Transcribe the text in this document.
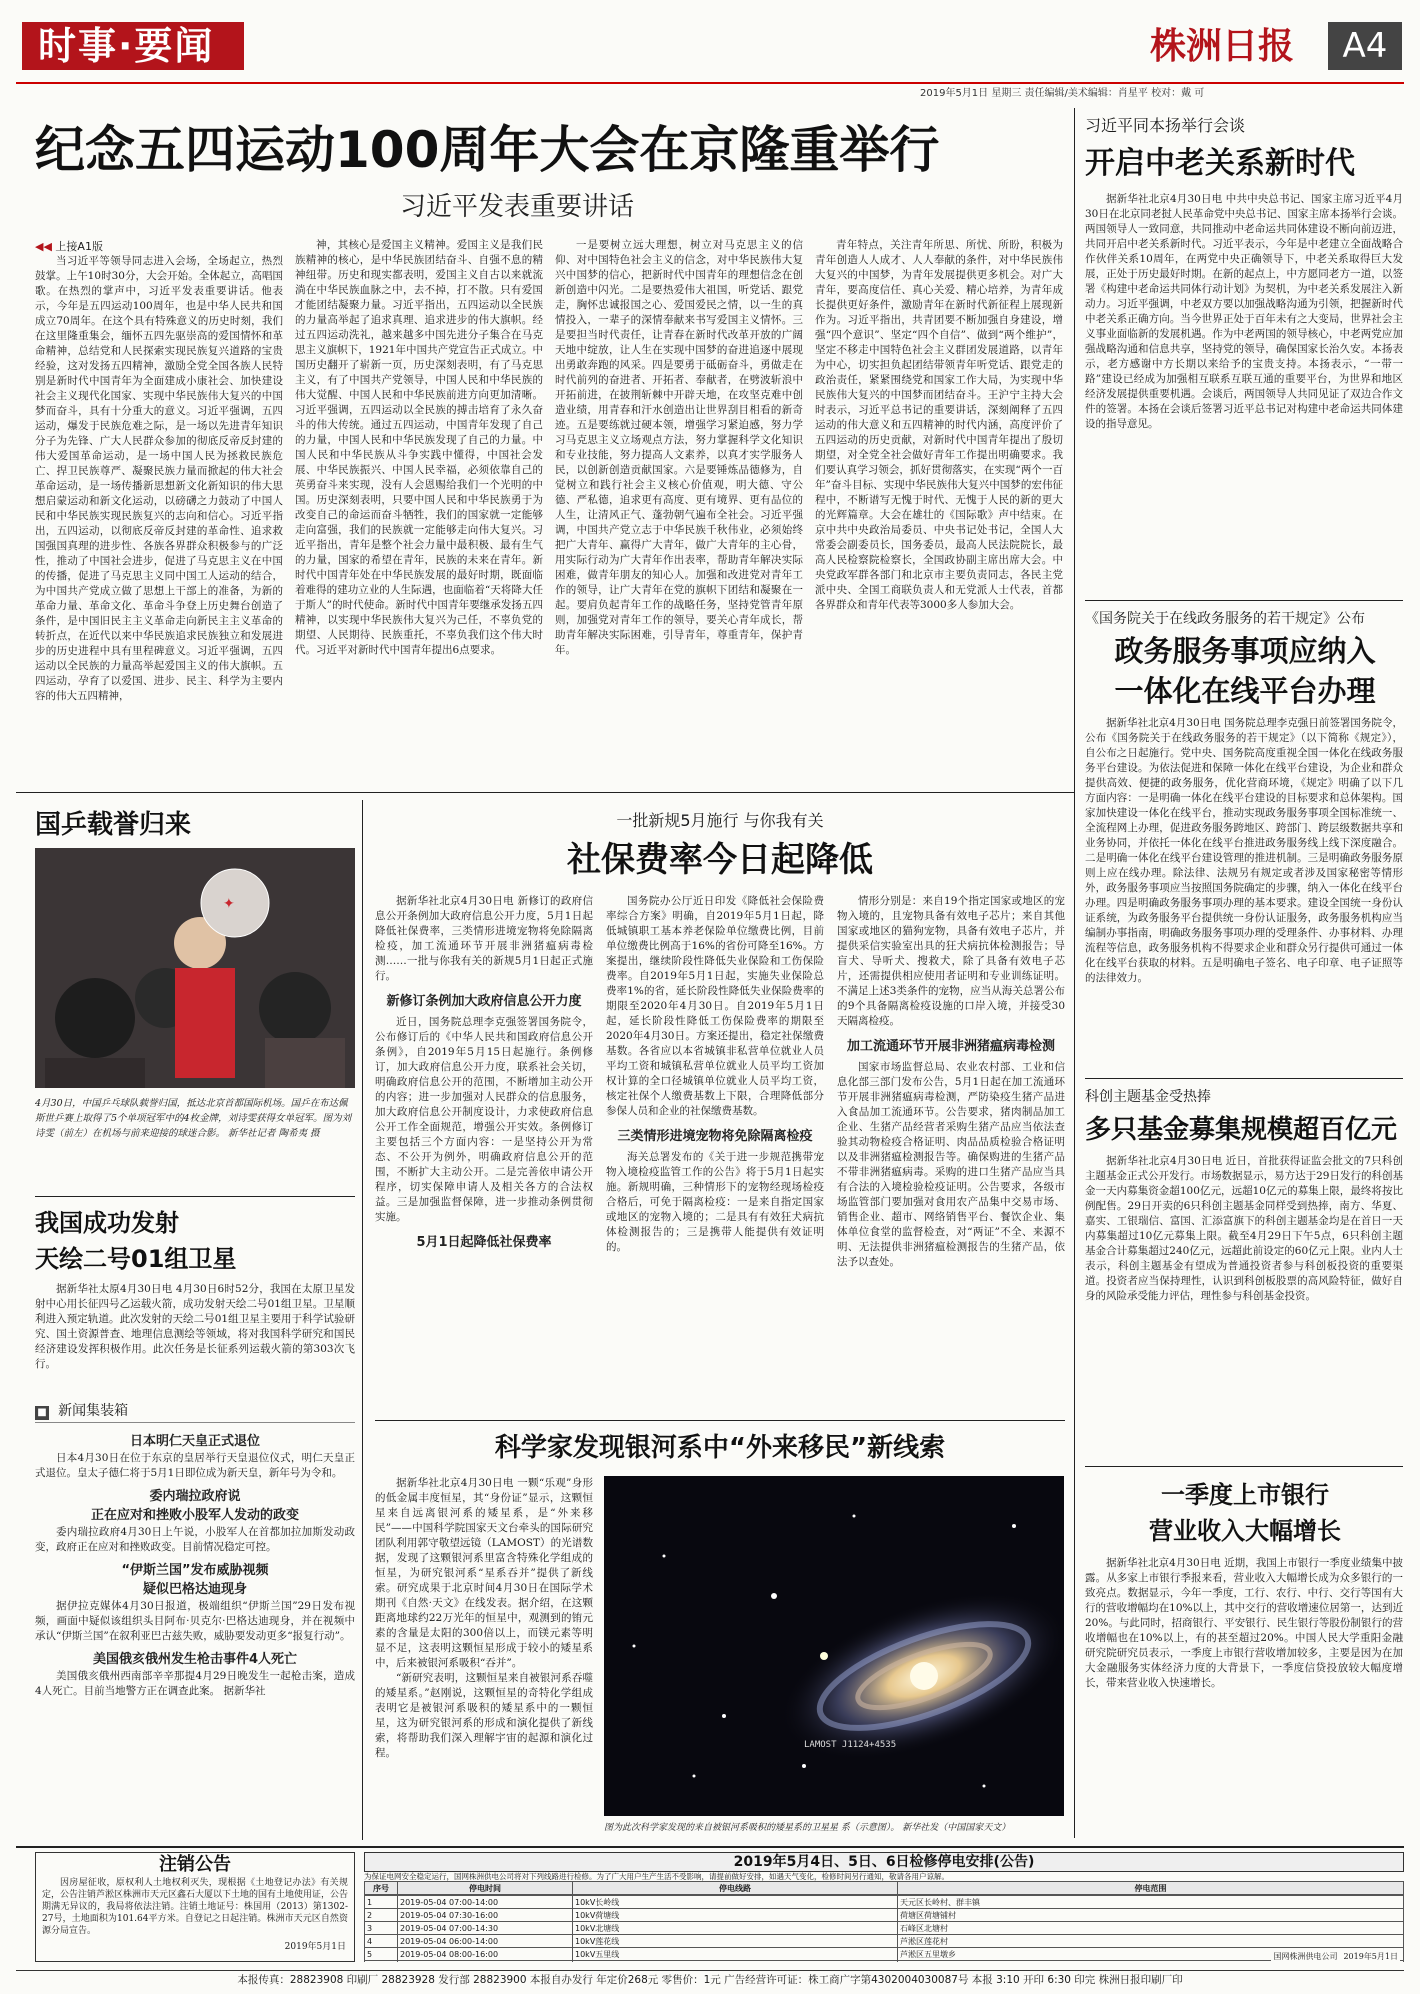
时事·要闻	株洲日报	A4
2019年5月1日 星期三 责任编辑/美术编辑：肖星平 校对：戴 可
纪念五四运动100周年大会在京隆重举行
习近平发表重要讲话
◀◀ 上接A1版
当习近平等领导同志进入会场，全场起立，热烈鼓掌。上午10时30分，大会开始。全体起立，高唱国歌。在热烈的掌声中，习近平发表重要讲话。他表示，今年是五四运动100周年，也是中华人民共和国成立70周年。在这个具有特殊意义的历史时刻，我们在这里隆重集会，缅怀五四先驱崇高的爱国情怀和革命精神，总结党和人民探索实现民族复兴道路的宝贵经验，这对发扬五四精神，激励全党全国各族人民特别是新时代中国青年为全面建成小康社会、加快建设社会主义现代化国家、实现中华民族伟大复兴的中国梦而奋斗，具有十分重大的意义。习近平强调，五四运动，爆发于民族危难之际，是一场以先进青年知识分子为先锋、广大人民群众参加的彻底反帝反封建的伟大爱国革命运动，是一场中国人民为拯救民族危亡、捍卫民族尊严、凝聚民族力量而掀起的伟大社会革命运动，是一场传播新思想新文化新知识的伟大思想启蒙运动和新文化运动，以磅礴之力鼓动了中国人民和中华民族实现民族复兴的志向和信心。习近平指出，五四运动，以彻底反帝反封建的革命性、追求救国强国真理的进步性、各族各界群众积极参与的广泛性，推动了中国社会进步，促进了马克思主义在中国的传播，促进了马克思主义同中国工人运动的结合，为中国共产党成立做了思想上干部上的准备，为新的革命力量、革命文化、革命斗争登上历史舞台创造了条件，是中国旧民主主义革命走向新民主主义革命的转折点，在近代以来中华民族追求民族独立和发展进步的历史进程中具有里程碑意义。习近平强调，五四运动以全民族的力量高举起爱国主义的伟大旗帜。五四运动，孕育了以爱国、进步、民主、科学为主要内容的伟大五四精神，
神，其核心是爱国主义精神。爱国主义是我们民族精神的核心，是中华民族团结奋斗、自强不息的精神纽带。历史和现实都表明，爱国主义自古以来就流淌在中华民族血脉之中，去不掉，打不散。只有爱国才能团结凝聚力量。习近平指出，五四运动以全民族的力量高举起了追求真理、追求进步的伟大旗帜。经过五四运动洗礼，越来越多中国先进分子集合在马克思主义旗帜下，1921年中国共产党宣告正式成立。中国历史翻开了崭新一页，历史深刻表明，有了马克思主义，有了中国共产党领导，中国人民和中华民族的伟大觉醒、中国人民和中华民族前进方向更加清晰。习近平强调，五四运动以全民族的搏击培育了永久奋斗的伟大传统。通过五四运动，中国青年发现了自己的力量，中国人民和中华民族发现了自己的力量。中国人民和中华民族从斗争实践中懂得，中国社会发展、中华民族振兴、中国人民幸福，必须依靠自己的英勇奋斗来实现，没有人会恩赐给我们一个光明的中国。历史深刻表明，只要中国人民和中华民族勇于为改变自己的命运而奋斗牺牲，我们的国家就一定能够走向富强，我们的民族就一定能够走向伟大复兴。习近平指出，青年是整个社会力量中最积极、最有生气的力量，国家的希望在青年，民族的未来在青年。新时代中国青年处在中华民族发展的最好时期，既面临着难得的建功立业的人生际遇，也面临着“天将降大任于斯人”的时代使命。新时代中国青年要继承发扬五四精神，以实现中华民族伟大复兴为己任，不辜负党的期望、人民期待、民族重托，不辜负我们这个伟大时代。习近平对新时代中国青年提出6点要求。
一是要树立远大理想，树立对马克思主义的信仰、对中国特色社会主义的信念，对中华民族伟大复兴中国梦的信心，把新时代中国青年的理想信念在创新创造中闪光。二是要热爱伟大祖国，听党话、跟党走，胸怀忠诚报国之心、爱国爱民之情，以一生的真情投入，一辈子的深情奉献来书写爱国主义情怀。三是要担当时代责任，让青春在新时代改革开放的广阔天地中绽放，让人生在实现中国梦的奋进追逐中展现出勇敢奔跑的风采。四是要勇于砥砺奋斗，勇做走在时代前列的奋进者、开拓者、奉献者，在劈波斩浪中开拓前进，在披荆斩棘中开辟天地，在攻坚克难中创造业绩，用青春和汗水创造出让世界刮目相看的新奇迹。五是要练就过硬本领，增强学习紧迫感，努力学习马克思主义立场观点方法，努力掌握科学文化知识和专业技能，努力提高人文素养，以真才实学服务人民，以创新创造贡献国家。六是要锤炼品德修为，自觉树立和践行社会主义核心价值观，明大德、守公德、严私德，追求更有高度、更有境界、更有品位的人生，让清风正气、蓬勃朝气遍布全社会。习近平强调，中国共产党立志于中华民族千秋伟业，必须始终把广大青年、赢得广大青年，做广大青年的主心骨，用实际行动为广大青年作出表率，帮助青年解决实际困难，做青年朋友的知心人。加强和改进党对青年工作的领导，让广大青年在党的旗帜下团结和凝聚在一起。要肩负起青年工作的战略任务，坚持党管青年原则，加强党对青年工作的领导，要关心青年成长，帮助青年解决实际困难，引导青年，尊重青年，保护青年。
青年特点，关注青年所思、所忧、所盼，积极为青年创造人人成才、人人奉献的条件，对中华民族伟大复兴的中国梦，为青年发展提供更多机会。对广大青年，要高度信任、真心关爱、精心培养，为青年成长提供更好条件，激励青年在新时代新征程上展现新作为。习近平指出，共青团要不断加强自身建设，增强“四个意识”、坚定“四个自信”、做到“两个维护”，坚定不移走中国特色社会主义群团发展道路，以青年为中心，切实担负起团结带领青年听党话、跟党走的政治责任，紧紧围绕党和国家工作大局，为实现中华民族伟大复兴的中国梦而团结奋斗。王沪宁主持大会时表示，习近平总书记的重要讲话，深刻阐释了五四运动的伟大意义和五四精神的时代内涵，高度评价了五四运动的历史贡献，对新时代中国青年提出了殷切期望，对全党全社会做好青年工作提出明确要求。我们要认真学习领会，抓好贯彻落实，在实现“两个一百年”奋斗目标、实现中华民族伟大复兴中国梦的宏伟征程中，不断谱写无愧于时代、无愧于人民的新的更大的光辉篇章。大会在雄壮的《国际歌》声中结束。在京中共中央政治局委员、中央书记处书记，全国人大常委会副委员长，国务委员，最高人民法院院长，最高人民检察院检察长，全国政协副主席出席大会。中央党政军群各部门和北京市主要负责同志，各民主党派中央、全国工商联负责人和无党派人士代表，首都各界群众和青年代表等3000多人参加大会。
习近平同本扬举行会谈
开启中老关系新时代
据新华社北京4月30日电 中共中央总书记、国家主席习近平4月30日在北京同老挝人民革命党中央总书记、国家主席本扬举行会谈。两国领导人一致同意，共同推动中老命运共同体建设不断向前迈进，共同开启中老关系新时代。习近平表示，今年是中老建立全面战略合作伙伴关系10周年，在两党中央正确领导下，中老关系取得巨大发展，正处于历史最好时期。在新的起点上，中方愿同老方一道，以签署《构建中老命运共同体行动计划》为契机，为中老关系发展注入新动力。习近平强调，中老双方要以加强战略沟通为引领，把握新时代中老关系正确方向。当今世界正处于百年未有之大变局，世界社会主义事业面临新的发展机遇。作为中老两国的领导核心，中老两党应加强战略沟通和信息共享，坚持党的领导，确保国家长治久安。本扬表示，老方感谢中方长期以来给予的宝贵支持。本扬表示，“一带一路”建设已经成为加强相互联系互联互通的重要平台，为世界和地区经济发展提供重要机遇。会谈后，两国领导人共同见证了双边合作文件的签署。本扬在会谈后签署习近平总书记对构建中老命运共同体建设的指导意见。
《国务院关于在线政务服务的若干规定》公布
政务服务事项应纳入
一体化在线平台办理
据新华社北京4月30日电 国务院总理李克强日前签署国务院令，公布《国务院关于在线政务服务的若干规定》（以下简称《规定》），自公布之日起施行。党中央、国务院高度重视全国一体化在线政务服务平台建设。为依法促进和保障一体化在线平台建设，为企业和群众提供高效、便捷的政务服务，优化营商环境，《规定》明确了以下几方面内容：一是明确一体化在线平台建设的目标要求和总体架构。国家加快建设一体化在线平台，推动实现政务服务事项全国标准统一、全流程网上办理，促进政务服务跨地区、跨部门、跨层级数据共享和业务协同，并依托一体化在线平台推进政务服务线上线下深度融合。二是明确一体化在线平台建设管理的推进机制。三是明确政务服务原则上应在线办理。除法律、法规另有规定或者涉及国家秘密等情形外，政务服务事项应当按照国务院确定的步骤，纳入一体化在线平台办理。四是明确政务服务事项办理的基本要求。建设全国统一身份认证系统，为政务服务平台提供统一身份认证服务，政务服务机构应当编制办事指南，明确政务服务事项办理的受理条件、办事材料、办理流程等信息，政务服务机构不得要求企业和群众另行提供可通过一体化在线平台获取的材料。五是明确电子签名、电子印章、电子证照等的法律效力。
科创主题基金受热捧
多只基金募集规模超百亿元
据新华社北京4月30日电 近日，首批获得证监会批文的7只科创主题基金正式公开发行。市场数据显示，易方达于29日发行的科创基金一天内募集资金超100亿元，远超10亿元的募集上限，最终将按比例配售。29日开卖的6只科创主题基金同样受到热捧，南方、华夏、嘉实、工银瑞信、富国、汇添富旗下的科创主题基金均是在首日一天内募集超过10亿元募集上限。截至4月29日下午5点，6只科创主题基金合计募集超过240亿元，远超此前设定的60亿元上限。业内人士表示，科创主题基金有望成为普通投资者参与科创板投资的重要渠道。投资者应当保持理性，认识到科创板股票的高风险特征，做好自身的风险承受能力评估，理性参与科创基金投资。
一季度上市银行
营业收入大幅增长
据新华社北京4月30日电 近期，我国上市银行一季度业绩集中披露。从多家上市银行季报来看，营业收入大幅增长成为众多银行的一致亮点。数据显示，今年一季度，工行、农行、中行、交行等国有大行的营收增幅均在10%以上，其中交行的营收增速位居第一，达到近20%。与此同时，招商银行、平安银行、民生银行等股份制银行的营收增幅也在10%以上，有的甚至超过20%。中国人民大学重阳金融研究院研究员表示，一季度上市银行营收增加较多，主要是因为在加大金融服务实体经济力度的大背景下，一季度信贷投放较大幅度增长，带来营业收入快速增长。
国乒载誉归来
✦
4月30日，中国乒乓球队载誉归国，抵达北京首都国际机场。国乒在布达佩斯世乒赛上取得了5个单项冠军中的4枚金牌，刘诗雯获得女单冠军。图为刘诗雯（前左）在机场与前来迎接的球迷合影。 新华社记者 陶希夷 摄
我国成功发射
天绘二号01组卫星
据新华社太原4月30日电 4月30日6时52分，我国在太原卫星发射中心用长征四号乙运载火箭，成功发射天绘二号01组卫星。卫星顺利进入预定轨道。此次发射的天绘二号01组卫星主要用于科学试验研究、国土资源普查、地理信息测绘等领域，将对我国科学研究和国民经济建设发挥积极作用。此次任务是长征系列运载火箭的第303次飞行。
■ 新闻集装箱
日本明仁天皇正式退位
日本4月30日在位于东京的皇居举行天皇退位仪式，明仁天皇正式退位。皇太子德仁将于5月1日即位成为新天皇，新年号为令和。
委内瑞拉政府说
正在应对和挫败小股军人发动的政变
委内瑞拉政府4月30日上午说，小股军人在首都加拉加斯发动政变，政府正在应对和挫败政变。目前情况稳定可控。
“伊斯兰国”发布威胁视频
疑似巴格达迪现身
据伊拉克媒体4月30日报道，极端组织“伊斯兰国”29日发布视频，画面中疑似该组织头目阿布·贝克尔·巴格达迪现身，并在视频中承认“伊斯兰国”在叙利亚巴古兹失败，威胁要发动更多“报复行动”。
美国俄亥俄州发生枪击事件4人死亡
美国俄亥俄州西南部辛辛那提4月29日晚发生一起枪击案，造成4人死亡。目前当地警方正在调查此案。 据新华社
一批新规5月施行 与你我有关
社保费率今日起降低
据新华社北京4月30日电 新修订的政府信息公开条例加大政府信息公开力度，5月1日起降低社保费率，三类情形进境宠物将免除隔离检疫，加工流通环节开展非洲猪瘟病毒检测……一批与你我有关的新规5月1日起正式施行。
新修订条例加大政府信息公开力度
近日，国务院总理李克强签署国务院令，公布修订后的《中华人民共和国政府信息公开条例》，自2019年5月15日起施行。条例修订，加大政府信息公开力度，联系社会关切，明确政府信息公开的范围，不断增加主动公开的内容；进一步加强对人民群众的信息服务，加大政府信息公开制度设计，力求使政府信息公开工作全面规范，增强公开实效。条例修订主要包括三个方面内容：一是坚持公开为常态、不公开为例外，明确政府信息公开的范围，不断扩大主动公开。二是完善依申请公开程序，切实保障申请人及相关各方的合法权益。三是加强监督保障，进一步推动条例贯彻实施。
5月1日起降低社保费率
国务院办公厅近日印发《降低社会保险费率综合方案》明确，自2019年5月1日起，降低城镇职工基本养老保险单位缴费比例，目前单位缴费比例高于16%的省份可降至16%。方案提出，继续阶段性降低失业保险和工伤保险费率。自2019年5月1日起，实施失业保险总费率1%的省，延长阶段性降低失业保险费率的期限至2020年4月30日。自2019年5月1日起，延长阶段性降低工伤保险费率的期限至2020年4月30日。方案还提出，稳定社保缴费基数。各省应以本省城镇非私营单位就业人员平均工资和城镇私营单位就业人员平均工资加权计算的全口径城镇单位就业人员平均工资，核定社保个人缴费基数上下限，合理降低部分参保人员和企业的社保缴费基数。
三类情形进境宠物将免除隔离检疫
海关总署发布的《关于进一步规范携带宠物入境检疫监管工作的公告》将于5月1日起实施。新规明确，三种情形下的宠物经现场检疫合格后，可免于隔离检疫：一是来自指定国家或地区的宠物入境的；二是具有有效狂犬病抗体检测报告的；三是携带人能提供有效证明的。
情形分别是：来自19个指定国家或地区的宠物入境的，且宠物具备有效电子芯片；来自其他国家或地区的猫狗宠物，具备有效电子芯片，并提供采信实验室出具的狂犬病抗体检测报告；导盲犬、导听犬、搜救犬，除了具备有效电子芯片，还需提供相应使用者证明和专业训练证明。不满足上述3类条件的宠物，应当从海关总署公布的9个具备隔离检疫设施的口岸入境，并接受30天隔离检疫。
加工流通环节开展非洲猪瘟病毒检测
国家市场监督总局、农业农村部、工业和信息化部三部门发布公告，5月1日起在加工流通环节开展非洲猪瘟病毒检测，严防染疫生猪产品进入食品加工流通环节。公告要求，猪肉制品加工企业、生猪产品经营者采购生猪产品应当依法查验其动物检疫合格证明、肉品品质检验合格证明以及非洲猪瘟检测报告等。确保购进的生猪产品不带非洲猪瘟病毒。采购的进口生猪产品应当具有合法的入境检验检疫证明。公告要求，各级市场监管部门要加强对食用农产品集中交易市场、销售企业、超市、网络销售平台、餐饮企业、集体单位食堂的监督检查，对“两证”不全、来源不明、无法提供非洲猪瘟检测报告的生猪产品，依法予以查处。
科学家发现银河系中“外来移民”新线索
据新华社北京4月30日电 一颗“乐观”身形的低金属丰度恒星，其“身份证”显示，这颗恒星来自远离银河系的矮星系，是“外来移民”——中国科学院国家天文台牵头的国际研究团队利用郭守敬望远镜（LAMOST）的光谱数据，发现了这颗银河系里富含特殊化学组成的恒星，为研究银河系“星系吞并”提供了新线索。研究成果于北京时间4月30日在国际学术期刊《自然·天文》在线发表。据介绍，在这颗距离地球约22万光年的恒星中，观测到的铕元素的含量是太阳的300倍以上，而镁元素等明显不足，这表明这颗恒星形成于较小的矮星系中，后来被银河系吸积“吞并”。
“新研究表明，这颗恒星来自被银河系吞噬的矮星系。”赵刚说，这颗恒星的奇特化学组成表明它是被银河系吸积的矮星系中的一颗恒星，这为研究银河系的形成和演化提供了新线索，将帮助我们深入理解宇宙的起源和演化过程。
LAMOST J1124+4535
图为此次科学家发现的来自被银河系吸积的矮星系的卫星星 系（示意图）。 新华社发（中国国家天文）
注销公告
因房屋征收，原权利人土地权利灭失，现根据《土地登记办法》有关规定，公告注销芦淞区株洲市天元区鑫石大厦以下土地的国有土地使用证，公告期满无异议的，我局将依法注销。注销土地证号：株国用（2013）第1302-27号，土地面积为101.64平方米。自登记之日起注销。株洲市天元区自然资源分局宣告。
2019年5月1日
2019年5月4日、5日、6日检修停电安排(公告)
为保证电网安全稳定运行，国网株洲供电公司将对下列线路进行检修。为了广大用户生产生活不受影响，请提前做好安排，如遇天气变化，检修时间另行通知，敬请各用户谅解。
序号	停电时间	停电线路	停电范围
1	2019-05-04 07:00-14:00	10kV长岭线	天元区长岭村、群丰镇
2	2019-05-04 07:30-16:00	10kV荷塘线	荷塘区荷塘铺村
3	2019-05-04 07:00-14:30	10kV北塘线	石峰区北塘村
4	2019-05-04 06:00-14:00	10kV莲花线	芦淞区莲花村
5	2019-05-04 08:00-16:00	10kV五里线	芦淞区五里墩乡

				国网株洲供电公司 2019年5月1日
本报传真：28823908 印刷厂 28823928 发行部 28823900 本报自办发行 年定价268元 零售价：1元 广告经营许可证：株工商广字第4302004030087号 本报 3:10 开印 6:30 印完 株洲日报印刷厂印
